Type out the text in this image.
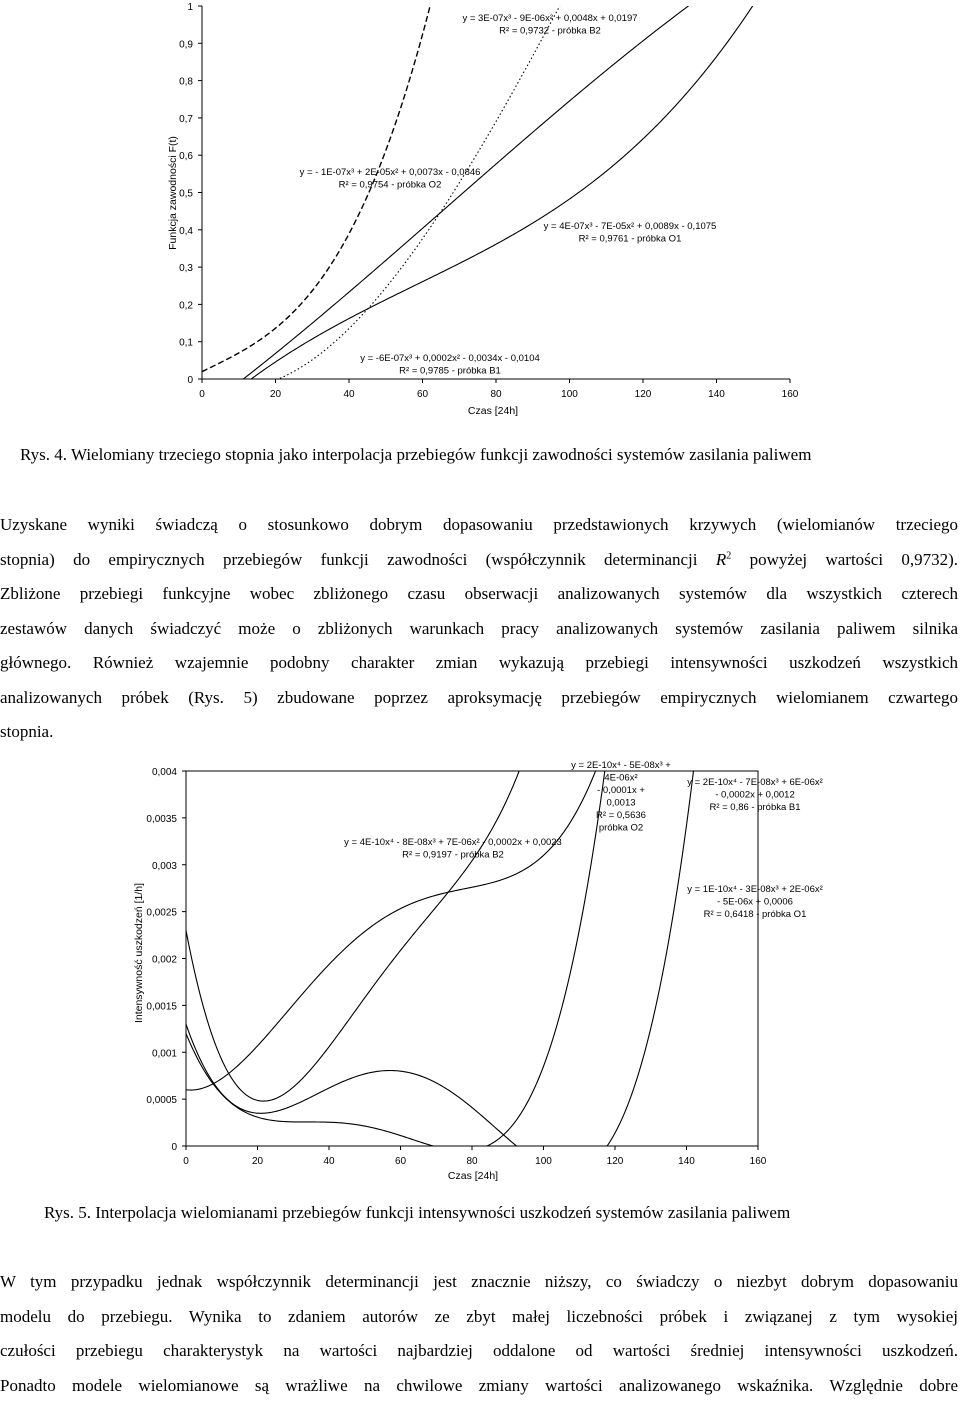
0	20	40	60	80	100	120	140	160
0
0,1
0,2
0,3
0,4
0,5
0,6
0,7
0,8
0,9
1
y = 3E-07x³ - 9E-06x² + 0,0048x + 0,0197
R² = 0,9732 - próbka B2
y = - 1E-07x³ + 2E-05x² + 0,0073x - 0,0846
R² = 0,9754 - próbka O2
y = 4E-07x³ - 7E-05x² + 0,0089x - 0,1075
R² = 0,9761 - próbka O1
y = -6E-07x³ + 0,0002x² - 0,0034x - 0,0104
R² = 0,9785 - próbka B1
Czas [24h]
Funkcja zawodności F(t)
Rys. 4. Wielomiany trzeciego stopnia jako interpolacja przebiegów funkcji zawodności systemów zasilania paliwem
Uzyskane wyniki świadczą o stosunkowo dobrym dopasowaniu przedstawionych krzywych (wielomianów trzeciego
stopnia) do empirycznych przebiegów funkcji zawodności (współczynnik determinancji $R^2$ powyżej wartości 0,9732).
Zbliżone przebiegi funkcyjne wobec zbliżonego czasu obserwacji analizowanych systemów dla wszystkich czterech
zestawów danych świadczyć może o zbliżonych warunkach pracy analizowanych systemów zasilania paliwem silnika
głównego. Również wzajemnie podobny charakter zmian wykazują przebiegi intensywności uszkodzeń wszystkich
analizowanych próbek (Rys. 5) zbudowane poprzez aproksymację przebiegów empirycznych wielomianem czwartego
stopnia.
0	20	40	60	80	100	120	140	160
0
0,0005
0,001
0,0015
0,002
0,0025
0,003
0,0035
0,004
y = 2E-10x⁴ - 5E-08x³ +
4E-06x²
- 0,0001x +
0,0013
R² = 0,5636
próbka O2
y = 2E-10x⁴ - 7E-08x³ + 6E-06x²
- 0,0002x + 0,0012
R² = 0,86 - próbka B1
y = 4E-10x⁴ - 8E-08x³ + 7E-06x² - 0,0002x + 0,0023
R² = 0,9197 - próbka B2
y = 1E-10x⁴ - 3E-08x³ + 2E-06x²
- 5E-06x + 0,0006
R² = 0,6418 - próbka O1
Czas [24h]
Intensywność uszkodzeń [1/h]
Rys. 5. Interpolacja wielomianami przebiegów funkcji intensywności uszkodzeń systemów zasilania paliwem
W tym przypadku jednak współczynnik determinancji jest znacznie niższy, co świadczy o niezbyt dobrym dopasowaniu
modelu do przebiegu. Wynika to zdaniem autorów ze zbyt małej liczebności próbek i związanej z tym wysokiej
czułości przebiegu charakterystyk na wartości najbardziej oddalone od wartości średniej intensywności uszkodzeń.
Ponadto modele wielomianowe są wrażliwe na chwilowe zmiany wartości analizowanego wskaźnika. Względnie dobre
